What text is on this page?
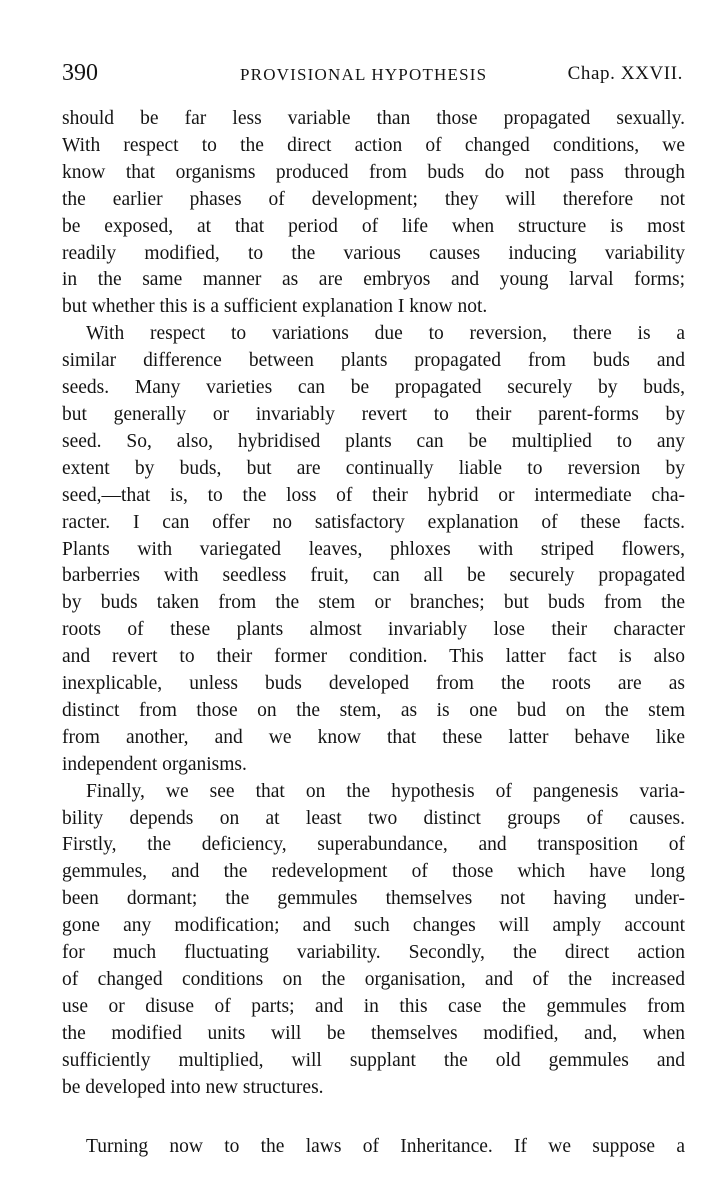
390	PROVISIONAL HYPOTHESIS	Chap. XXVII.
should be far less variable than those propagated sexually.
With respect to the direct action of changed conditions, we
know that organisms produced from buds do not pass through
the earlier phases of development; they will therefore not
be exposed, at that period of life when structure is most
readily modified, to the various causes inducing variability
in the same manner as are embryos and young larval forms;
but whether this is a sufficient explanation I know not.
With respect to variations due to reversion, there is a
similar difference between plants propagated from buds and
seeds. Many varieties can be propagated securely by buds,
but generally or invariably revert to their parent-forms by
seed. So, also, hybridised plants can be multiplied to any
extent by buds, but are continually liable to reversion by
seed,—that is, to the loss of their hybrid or intermediate cha-
racter. I can offer no satisfactory explanation of these facts.
Plants with variegated leaves, phloxes with striped flowers,
barberries with seedless fruit, can all be securely propagated
by buds taken from the stem or branches; but buds from the
roots of these plants almost invariably lose their character
and revert to their former condition. This latter fact is also
inexplicable, unless buds developed from the roots are as
distinct from those on the stem, as is one bud on the stem
from another, and we know that these latter behave like
independent organisms.
Finally, we see that on the hypothesis of pangenesis varia-
bility depends on at least two distinct groups of causes.
Firstly, the deficiency, superabundance, and transposition of
gemmules, and the redevelopment of those which have long
been dormant; the gemmules themselves not having under-
gone any modification; and such changes will amply account
for much fluctuating variability. Secondly, the direct action
of changed conditions on the organisation, and of the increased
use or disuse of parts; and in this case the gemmules from
the modified units will be themselves modified, and, when
sufficiently multiplied, will supplant the old gemmules and
be developed into new structures.
Turning now to the laws of Inheritance. If we suppose a
